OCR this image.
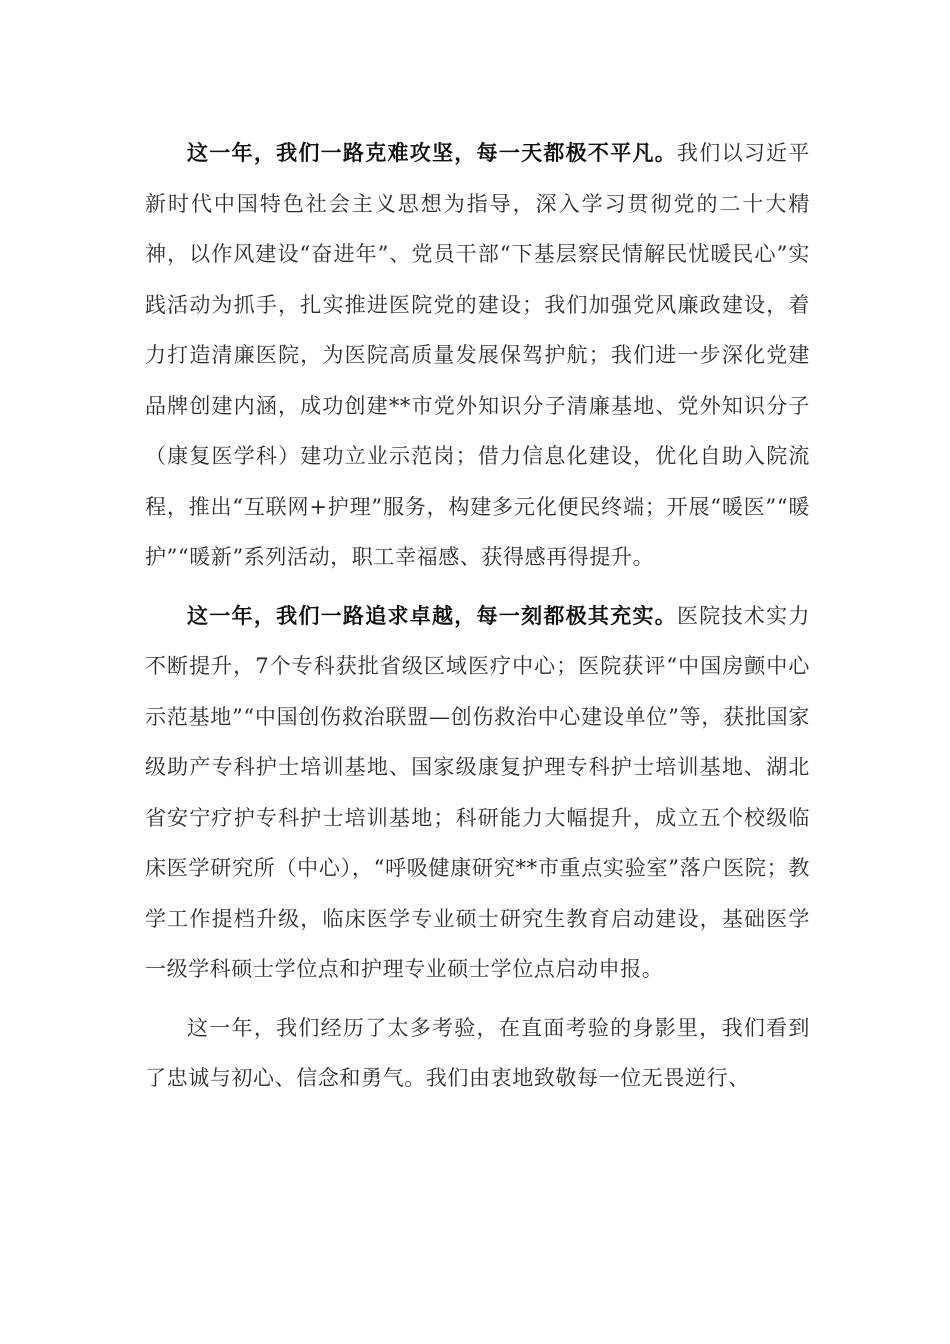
这一年，我们一路克难攻坚，每一天都极不平凡。我们以习近平新时代中国特色社会主义思想为指导，深入学习贯彻党的二十大精神，以作风建设“奋进年”、党员干部“下基层察民情解民忧暖民心”实践活动为抓手，扎实推进医院党的建设；我们加强党风廉政建设，着力打造清廉医院，为医院高质量发展保驾护航；我们进一步深化党建品牌创建内涵，成功创建**市党外知识分子清廉基地、党外知识分子（康复医学科）建功立业示范岗；借力信息化建设，优化自助入院流程，推出“互联网+护理”服务，构建多元化便民终端；开展“暖医”“暖护”“暖新”系列活动，职工幸福感、获得感再得提升。

这一年，我们一路追求卓越，每一刻都极其充实。医院技术实力不断提升，7个专科获批省级区域医疗中心；医院获评“中国房颤中心示范基地”“中国创伤救治联盟—创伤救治中心建设单位”等，获批国家级助产专科护士培训基地、国家级康复护理专科护士培训基地、湖北省安宁疗护专科护士培训基地；科研能力大幅提升，成立五个校级临床医学研究所（中心），“呼吸健康研究**市重点实验室”落户医院；教学工作提档升级，临床医学专业硕士研究生教育启动建设，基础医学一级学科硕士学位点和护理专业硕士学位点启动申报。

这一年，我们经历了太多考验，在直面考验的身影里，我们看到了忠诚与初心、信念和勇气。我们由衷地致敬每一位无畏逆行、
